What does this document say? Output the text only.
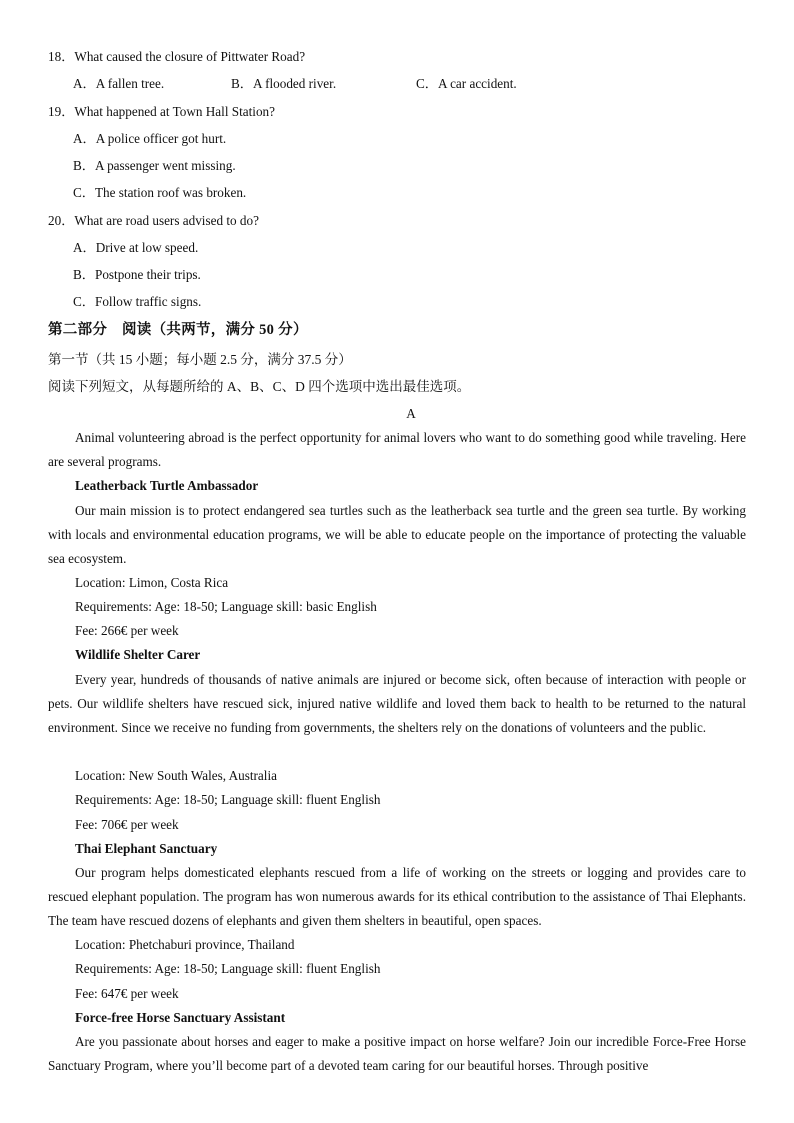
18．What caused the closure of Pittwater Road?
A．A fallen tree.	B．A flooded river.	C．A car accident.
19．What happened at Town Hall Station?
A．A police officer got hurt.
B．A passenger went missing.
C．The station roof was broken.
20．What are road users advised to do?
A．Drive at low speed.
B．Postpone their trips.
C．Follow traffic signs.
第二部分　阅读（共两节，满分 50 分）
第一节（共 15 小题；每小题 2.5 分，满分 37.5 分）
阅读下列短文，从每题所给的 A、B、C、D 四个选项中选出最佳选项。
A
Animal volunteering abroad is the perfect opportunity for animal lovers who want to do something good while traveling. Here are several programs.
Leatherback Turtle Ambassador
Our main mission is to protect endangered sea turtles such as the leatherback sea turtle and the green sea turtle. By working with locals and environmental education programs, we will be able to educate people on the importance of protecting the valuable sea ecosystem.
Location: Limon, Costa Rica
Requirements: Age: 18-50; Language skill: basic English
Fee: 266€ per week
Wildlife Shelter Carer
Every year, hundreds of thousands of native animals are injured or become sick, often because of interaction with people or pets. Our wildlife shelters have rescued sick, injured native wildlife and loved them back to health to be returned to the natural environment. Since we receive no funding from governments, the shelters rely on the donations of volunteers and the public.
Location: New South Wales, Australia
Requirements: Age: 18-50; Language skill: fluent English
Fee: 706€ per week
Thai Elephant Sanctuary
Our program helps domesticated elephants rescued from a life of working on the streets or logging and provides care to rescued elephant population. The program has won numerous awards for its ethical contribution to the assistance of Thai Elephants. The team have rescued dozens of elephants and given them shelters in beautiful, open spaces.
Location: Phetchaburi province, Thailand
Requirements: Age: 18-50; Language skill: fluent English
Fee: 647€ per week
Force-free Horse Sanctuary Assistant
Are you passionate about horses and eager to make a positive impact on horse welfare? Join our incredible Force-Free Horse Sanctuary Program, where you’ll become part of a devoted team caring for our beautiful horses. Through positive
